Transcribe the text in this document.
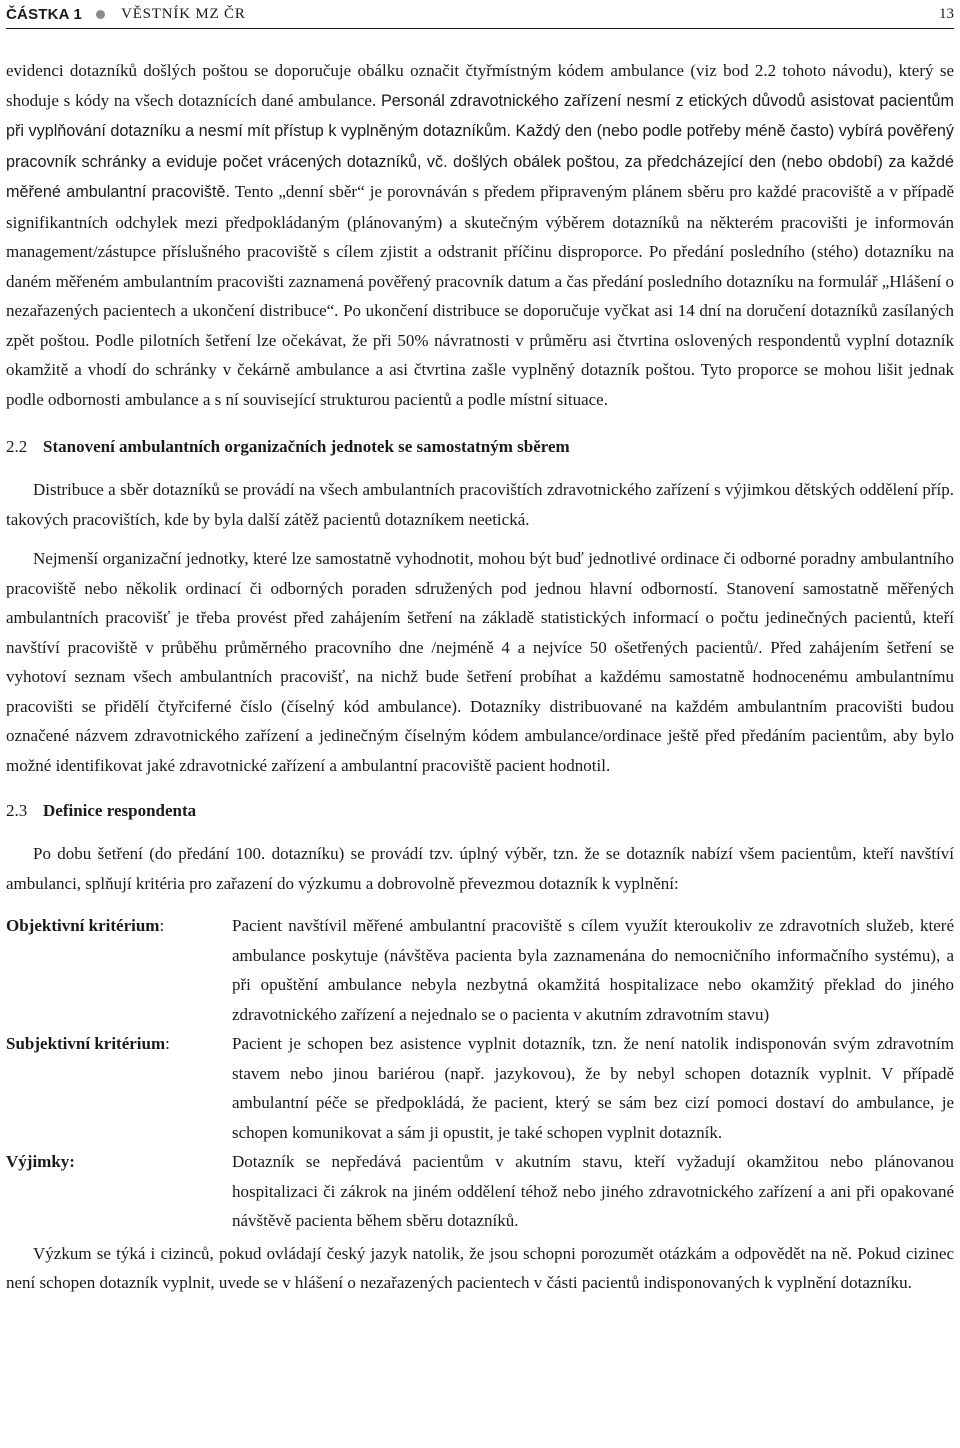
ČÁSTKA 1	VĚSTNÍK MZ ČR	13

evidenci dotazníků došlých poštou se doporučuje obálku označit čtyřmístným kódem ambulance (viz bod 2.2 tohoto návodu), který se shoduje s kódy na všech dotaznících dané ambulance. Personál zdravotnického zařízení nesmí z etických důvodů asistovat pacientům při vyplňování dotazníku a nesmí mít přístup k vyplněným dotazníkům. Každý den (nebo podle potřeby méně často) vybírá pověřený pracovník schránky a eviduje počet vrácených dotazníků, vč. došlých obálek poštou, za předcházející den (nebo období) za každé měřené ambulantní pracoviště. Tento „denní sběr“ je porovnáván s předem připraveným plánem sběru pro každé pracoviště a v případě signifikantních odchylek mezi předpokládaným (plánovaným) a skutečným výběrem dotazníků na některém pracovišti je informován management/zástupce příslušného pracoviště s cílem zjistit a odstranit příčinu disproporce. Po předání posledního (stého) dotazníku na daném měřeném ambulantním pracovišti zaznamená pověřený pracovník datum a čas předání posledního dotazníku na formulář „Hlášení o nezařazených pacientech a ukončení distribuce“. Po ukončení distribuce se doporučuje vyčkat asi 14 dní na doručení dotazníků zasílaných zpět poštou. Podle pilotních šetření lze očekávat, že při 50% návratnosti v průměru asi čtvrtina oslovených respondentů vyplní dotazník okamžitě a vhodí do schránky v čekárně ambulance a asi čtvrtina zašle vyplněný dotazník poštou. Tyto proporce se mohou lišit jednak podle odbornosti ambulance a s ní související strukturou pacientů a podle místní situace.

2.2 Stanovení ambulantních organizačních jednotek se samostatným sběrem

Distribuce a sběr dotazníků se provádí na všech ambulantních pracovištích zdravotnického zařízení s výjimkou dětských oddělení příp. takových pracovištích, kde by byla další zátěž pacientů dotazníkem neetická.

Nejmenší organizační jednotky, které lze samostatně vyhodnotit, mohou být buď jednotlivé ordinace či odborné poradny ambulantního pracoviště nebo několik ordinací či odborných poraden sdružených pod jednou hlavní odborností. Stanovení samostatně měřených ambulantních pracovišť je třeba provést před zahájením šetření na základě statistických informací o počtu jedinečných pacientů, kteří navštíví pracoviště v průběhu průměrného pracovního dne /nejméně 4 a nejvíce 50 ošetřených pacientů/. Před zahájením šetření se vyhotoví seznam všech ambulantních pracovišť, na nichž bude šetření probíhat a každému samostatně hodnocenému ambulantnímu pracovišti se přidělí čtyřciferné číslo (číselný kód ambulance). Dotazníky distribuované na každém ambulantním pracovišti budou označené názvem zdravotnického zařízení a jedinečným číselným kódem ambulance/ordinace ještě před předáním pacientům, aby bylo možné identifikovat jaké zdravotnické zařízení a ambulantní pracoviště pacient hodnotil.

2.3 Definice respondenta

Po dobu šetření (do předání 100. dotazníku) se provádí tzv. úplný výběr, tzn. že se dotazník nabízí všem pacientům, kteří navštíví ambulanci, splňují kritéria pro zařazení do výzkumu a dobrovolně převezmou dotazník k vyplnění:

Objektivní kritérium:	Pacient navštívil měřené ambulantní pracoviště s cílem využít kteroukoliv ze zdravotních služeb, které ambulance poskytuje (návštěva pacienta byla zaznamenána do nemocničního informačního systému), a při opuštění ambulance nebyla nezbytná okamžitá hospitalizace nebo okamžitý překlad do jiného zdravotnického zařízení a nejednalo se o pacienta v akutním zdravotním stavu)
Subjektivní kritérium:	Pacient je schopen bez asistence vyplnit dotazník, tzn. že není natolik indisponován svým zdravotním stavem nebo jinou bariérou (např. jazykovou), že by nebyl schopen dotazník vyplnit. V případě ambulantní péče se předpokládá, že pacient, který se sám bez cizí pomoci dostaví do ambulance, je schopen komunikovat a sám ji opustit, je také schopen vyplnit dotazník.
Výjimky:	Dotazník se nepředává pacientům v akutním stavu, kteří vyžadují okamžitou nebo plánovanou hospitalizaci či zákrok na jiném oddělení téhož nebo jiného zdravotnického zařízení a ani při opakované návštěvě pacienta během sběru dotazníků.

Výzkum se týká i cizinců, pokud ovládají český jazyk natolik, že jsou schopni porozumět otázkám a odpovědět na ně. Pokud cizinec není schopen dotazník vyplnit, uvede se v hlášení o nezařazených pacientech v části pacientů indisponovaných k vyplnění dotazníku.
